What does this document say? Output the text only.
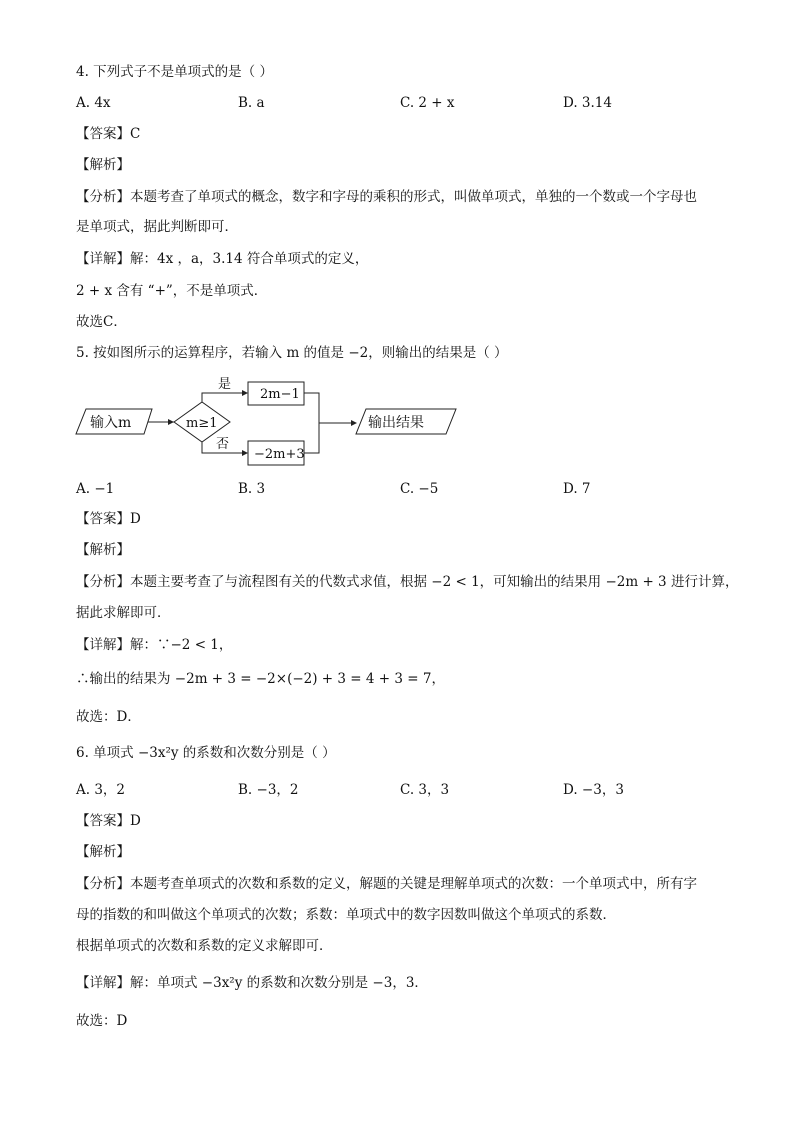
4. 下列式子不是单项式的是（ ）
A. 4x	B. a	C. 2 + x	D. 3.14
【答案】C
【解析】
【分析】本题考查了单项式的概念，数字和字母的乘积的形式，叫做单项式，单独的一个数或一个字母也
是单项式，据此判断即可．
【详解】解：4x ，a，3.14 符合单项式的定义，
2 + x 含有 “+”，不是单项式．
故选C．
5. 按如图所示的运算程序，若输入 m 的值是 −2，则输出的结果是（ ）
输入m	m≥1
是
2m−1
否
−2m+3
输出结果
A. −1	B. 3	C. −5	D. 7
【答案】D
【解析】
【分析】本题主要考查了与流程图有关的代数式求值，根据 −2 < 1，可知输出的结果用 −2m + 3 进行计算，
据此求解即可．
【详解】解：∵−2 < 1，
∴输出的结果为 −2m + 3 = −2×(−2) + 3 = 4 + 3 = 7，
故选：D．
6. 单项式 −3x²y 的系数和次数分别是（ ）
A. 3，2	B. −3，2	C. 3，3	D. −3，3
【答案】D
【解析】
【分析】本题考查单项式的次数和系数的定义，解题的关键是理解单项式的次数：一个单项式中，所有字
母的指数的和叫做这个单项式的次数；系数：单项式中的数字因数叫做这个单项式的系数．
根据单项式的次数和系数的定义求解即可．
【详解】解：单项式 −3x²y 的系数和次数分别是 −3，3．
故选：D
